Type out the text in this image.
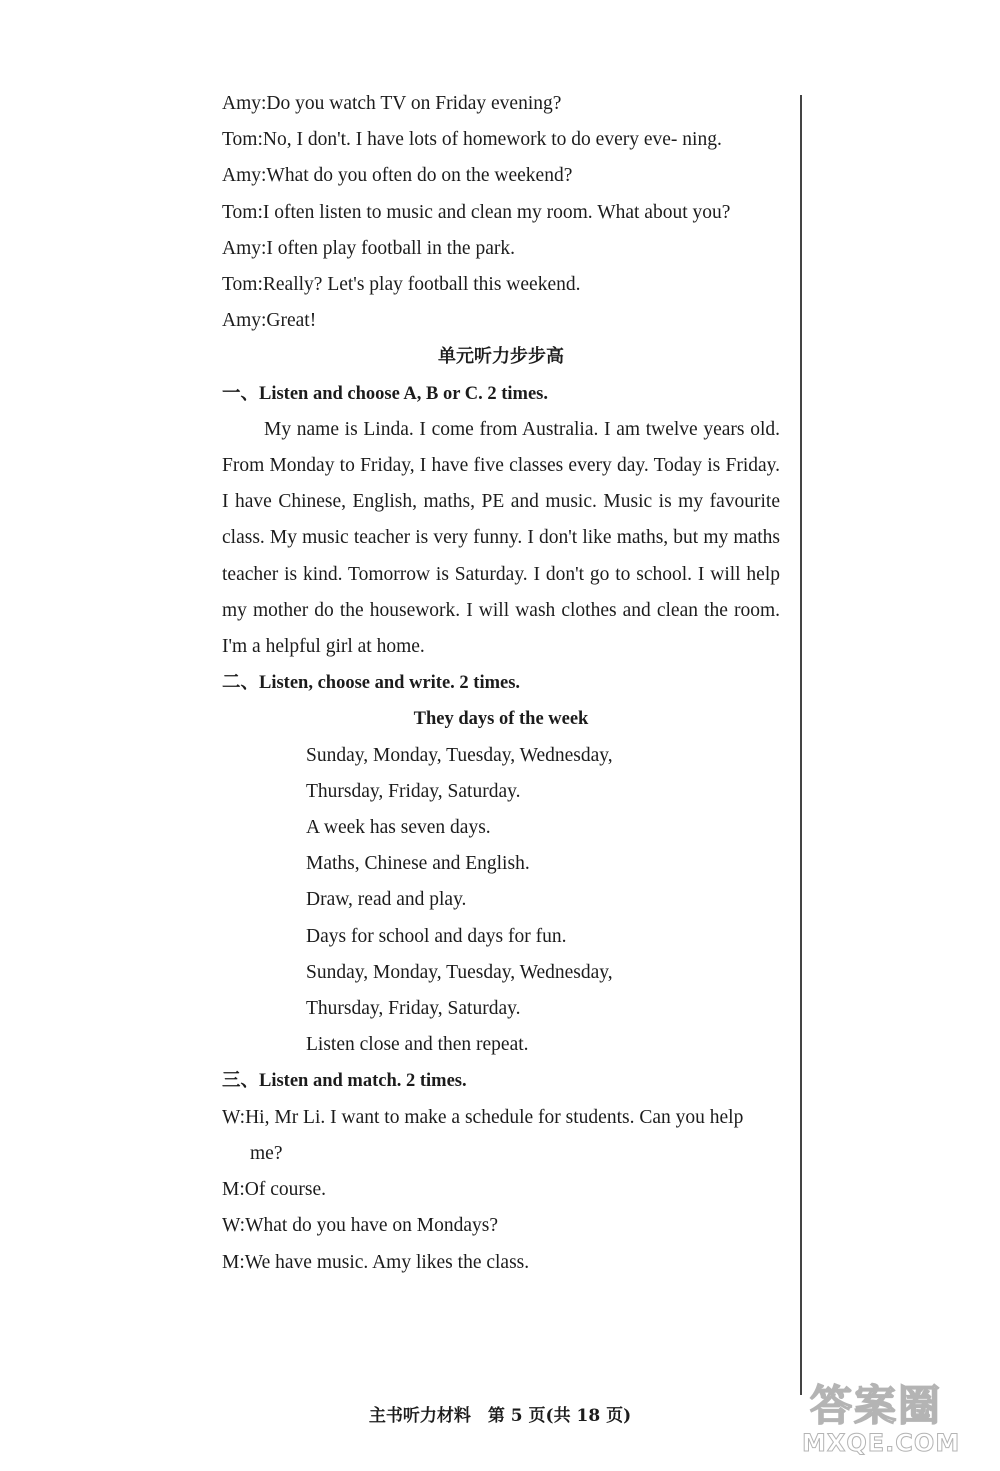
Amy:Do you watch TV on Friday evening?
Tom:No, I don't. I have lots of homework to do every eve- ning.
Amy:What do you often do on the weekend?
Tom:I often listen to music and clean my room. What about you?
Amy:I often play football in the park.
Tom:Really? Let's play football this weekend.
Amy:Great!
单元听力步步高
一、Listen and choose A, B or C. 2 times.
My name is Linda. I come from Australia. I am twelve years old. From Monday to Friday, I have five classes every day. Today is Friday. I have Chinese, English, maths, PE and music. Music is my favourite class. My music teacher is very funny. I don't like maths, but my maths teacher is kind. Tomorrow is Saturday. I don't go to school. I will help my mother do the housework. I will wash clothes and clean the room. I'm a helpful girl at home.
二、Listen, choose and write. 2 times.
They days of the week
Sunday, Monday, Tuesday, Wednesday,
Thursday, Friday, Saturday.
A week has seven days.
Maths, Chinese and English.
Draw, read and play.
Days for school and days for fun.
Sunday, Monday, Tuesday, Wednesday,
Thursday, Friday, Saturday.
Listen close and then repeat.
三、Listen and match. 2 times.
W:Hi, Mr Li. I want to make a schedule for students. Can you help me?
M:Of course.
W:What do you have on Mondays?
M:We have music. Amy likes the class.
主书听力材料　第 5 页(共 18 页)	答案圈
MXQE.COM
